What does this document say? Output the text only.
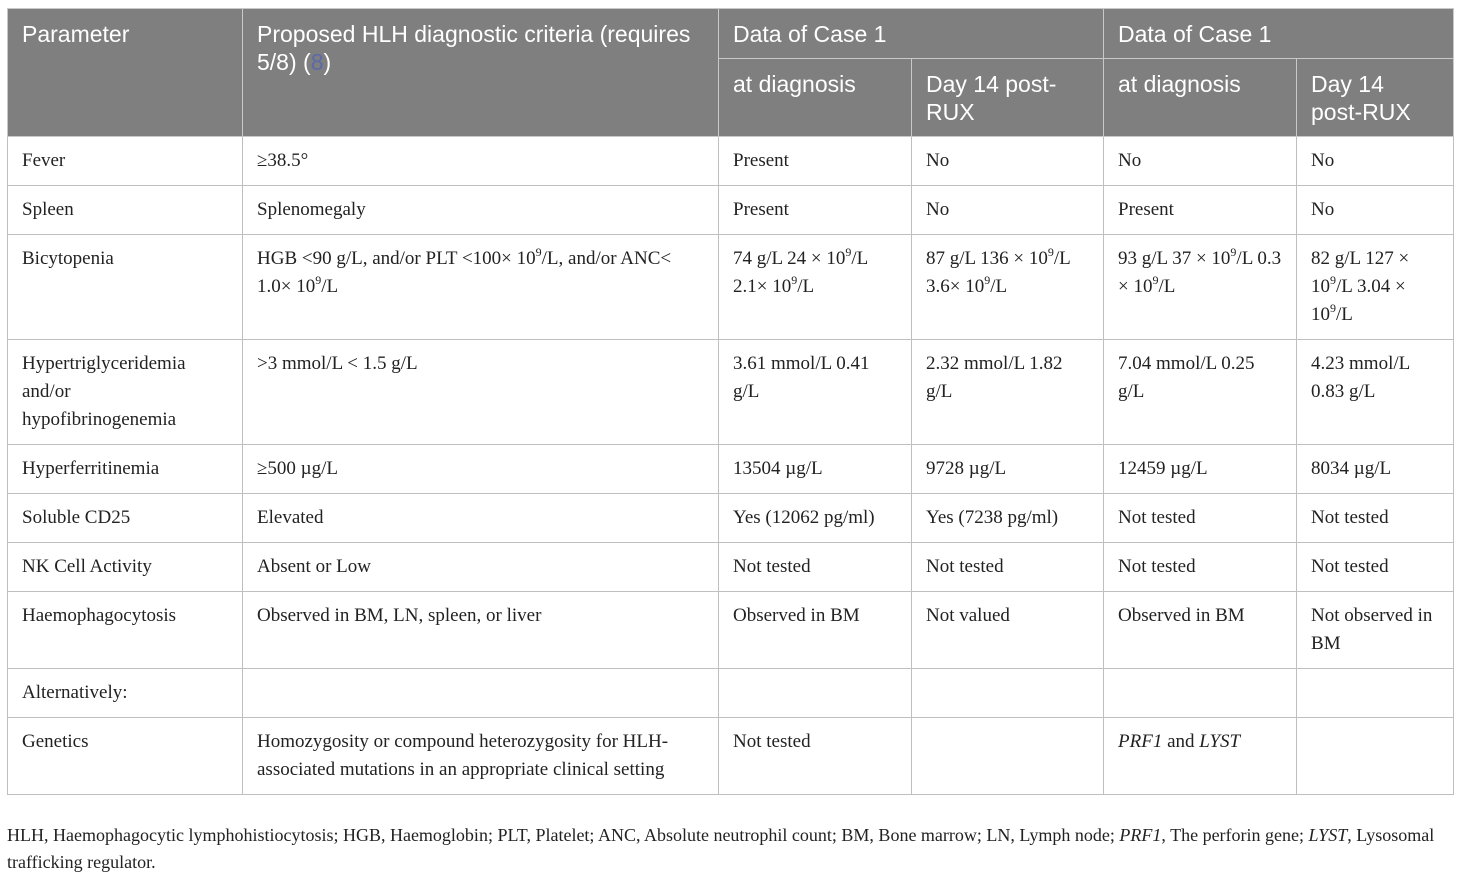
Parameter	Proposed HLH diagnostic criteria (requires 5/8) (8)	Data of Case 1		Data of Case 1	
		at diagnosis	Day 14 post-RUX	at diagnosis	Day 14 post-RUX
Fever	≥38.5°	Present	No	No	No
Spleen	Splenomegaly	Present	No	Present	No
Bicytopenia	HGB <90 g/L, and/or PLT $<100\times 10^9/L$, and/or $ANC< 1.0\times 10^9/L$	74 g/L $24 \times 10^9/L$ $2.1\times 10^9/L$	87 g/L $136 \times 10^9/L$ $3.6\times 10^9/L$	93 g/L $37 \times 10^9/L$ $0.3 \times 10^9/L$	82 g/L $127 \times 10^9/L$ $3.04 \times 10^9/L$
Hypertriglyceridemia and/or hypofibrinogenemia	>3 mmol/L < 1.5 g/L	3.61 mmol/L 0.41 g/L	2.32 mmol/L 1.82 g/L	7.04 mmol/L 0.25 g/L	4.23 mmol/L 0.83 g/L
Hyperferritinemia	≥500 µg/L	13504 µg/L	9728 µg/L	12459 µg/L	8034 µg/L
Soluble CD25	Elevated	Yes (12062 pg/ml)	Yes (7238 pg/ml)	Not tested	Not tested
NK Cell Activity	Absent or Low	Not tested	Not tested	Not tested	Not tested
Haemophagocytosis	Observed in BM, LN, spleen, or liver	Observed in BM	Not valued	Observed in BM	Not observed in BM
Alternatively:					
Genetics	Homozygosity or compound heterozygosity for HLH-associated mutations in an appropriate clinical setting	Not tested		PRF1 and LYST	
HLH, Haemophagocytic lymphohistiocytosis; HGB, Haemoglobin; PLT, Platelet; ANC, Absolute neutrophil count; BM, Bone marrow; LN, Lymph node; PRF1, The perforin gene; LYST, Lysosomal trafficking regulator.
